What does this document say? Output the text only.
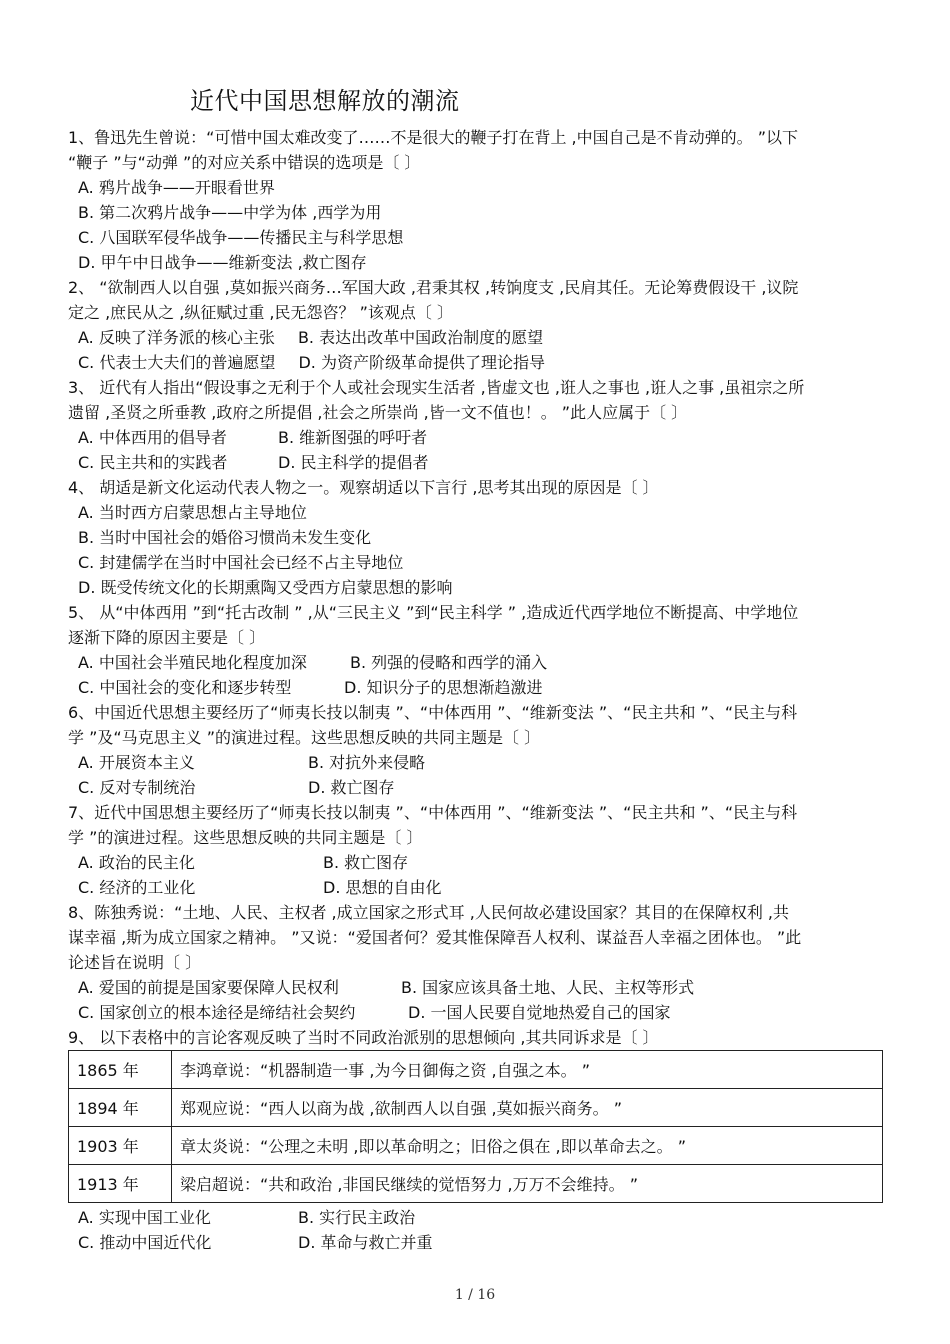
近代中国思想解放的潮流
1、鲁迅先生曾说：“可惜中国太难改变了……不是很大的鞭子打在背上 ,中国自己是不肯动弹的。 ”以下
“鞭子 ”与“动弹 ”的对应关系中错误的选项是〔 〕
A. 鸦片战争——开眼看世界
B. 第二次鸦片战争——中学为体 ,西学为用
C. 八国联军侵华战争——传播民主与科学思想
D. 甲午中日战争——维新变法 ,救亡图存
2、 “欲制西人以自强 ,莫如振兴商务…军国大政 ,君秉其权 ,转饷度支 ,民肩其任。无论筹费假设干 ,议院
定之 ,庶民从之 ,纵征赋过重 ,民无怨咨？ ”该观点〔 〕
A. 反映了洋务派的核心主张 B. 表达出改革中国政治制度的愿望
C. 代表士大夫们的普遍愿望 D. 为资产阶级革命提供了理论指导
3、 近代有人指出“假设事之无利于个人或社会现实生活者 ,皆虚文也 ,诳人之事也 ,诳人之事 ,虽祖宗之所
遗留 ,圣贤之所垂教 ,政府之所提倡 ,社会之所崇尚 ,皆一文不值也！。 ”此人应属于〔 〕
A. 中体西用的倡导者	B. 维新图强的呼吁者
C. 民主共和的实践者	D. 民主科学的提倡者
4、 胡适是新文化运动代表人物之一。观察胡适以下言行 ,思考其出现的原因是〔 〕
A. 当时西方启蒙思想占主导地位
B. 当时中国社会的婚俗习惯尚未发生变化
C. 封建儒学在当时中国社会已经不占主导地位
D. 既受传统文化的长期熏陶又受西方启蒙思想的影响
5、 从“中体西用 ”到“托古改制 ” ,从“三民主义 ”到“民主科学 ” ,造成近代西学地位不断提高、中学地位
逐渐下降的原因主要是〔 〕
A. 中国社会半殖民地化程度加深	B. 列强的侵略和西学的涌入
C. 中国社会的变化和逐步转型	D. 知识分子的思想渐趋激进
6、中国近代思想主要经历了“师夷长技以制夷 ”、“中体西用 ”、“维新变法 ”、“民主共和 ”、“民主与科
学 ”及“马克思主义 ”的演进过程。这些思想反映的共同主题是〔 〕
A. 开展资本主义	B. 对抗外来侵略
C. 反对专制统治	D. 救亡图存
7、近代中国思想主要经历了“师夷长技以制夷 ”、“中体西用 ”、“维新变法 ”、“民主共和 ”、“民主与科
学 ”的演进过程。这些思想反映的共同主题是〔 〕
A. 政治的民主化	B. 救亡图存
C. 经济的工业化	D. 思想的自由化
8、陈独秀说：“土地、人民、主权者 ,成立国家之形式耳 ,人民何故必建设国家？其目的在保障权利 ,共
谋幸福 ,斯为成立国家之精神。 ”又说：“爱国者何？爱其惟保障吾人权利、谋益吾人幸福之团体也。 ”此
论述旨在说明〔 〕
A. 爱国的前提是国家要保障人民权利	B. 国家应该具备土地、人民、主权等形式
C. 国家创立的根本途径是缔结社会契约	D. 一国人民要自觉地热爱自己的国家
9、 以下表格中的言论客观反映了当时不同政治派别的思想倾向 ,其共同诉求是〔 〕
1865 年	李鸿章说：“机器制造一事 ,为今日御侮之资 ,自强之本。 ”
1894 年	郑观应说：“西人以商为战 ,欲制西人以自强 ,莫如振兴商务。 ”
1903 年	章太炎说：“公理之未明 ,即以革命明之；旧俗之俱在 ,即以革命去之。 ”
1913 年	梁启超说：“共和政治 ,非国民继续的觉悟努力 ,万万不会维持。 ”
A. 实现中国工业化	B. 实行民主政治
C. 推动中国近代化	D. 革命与救亡并重
1 / 16
